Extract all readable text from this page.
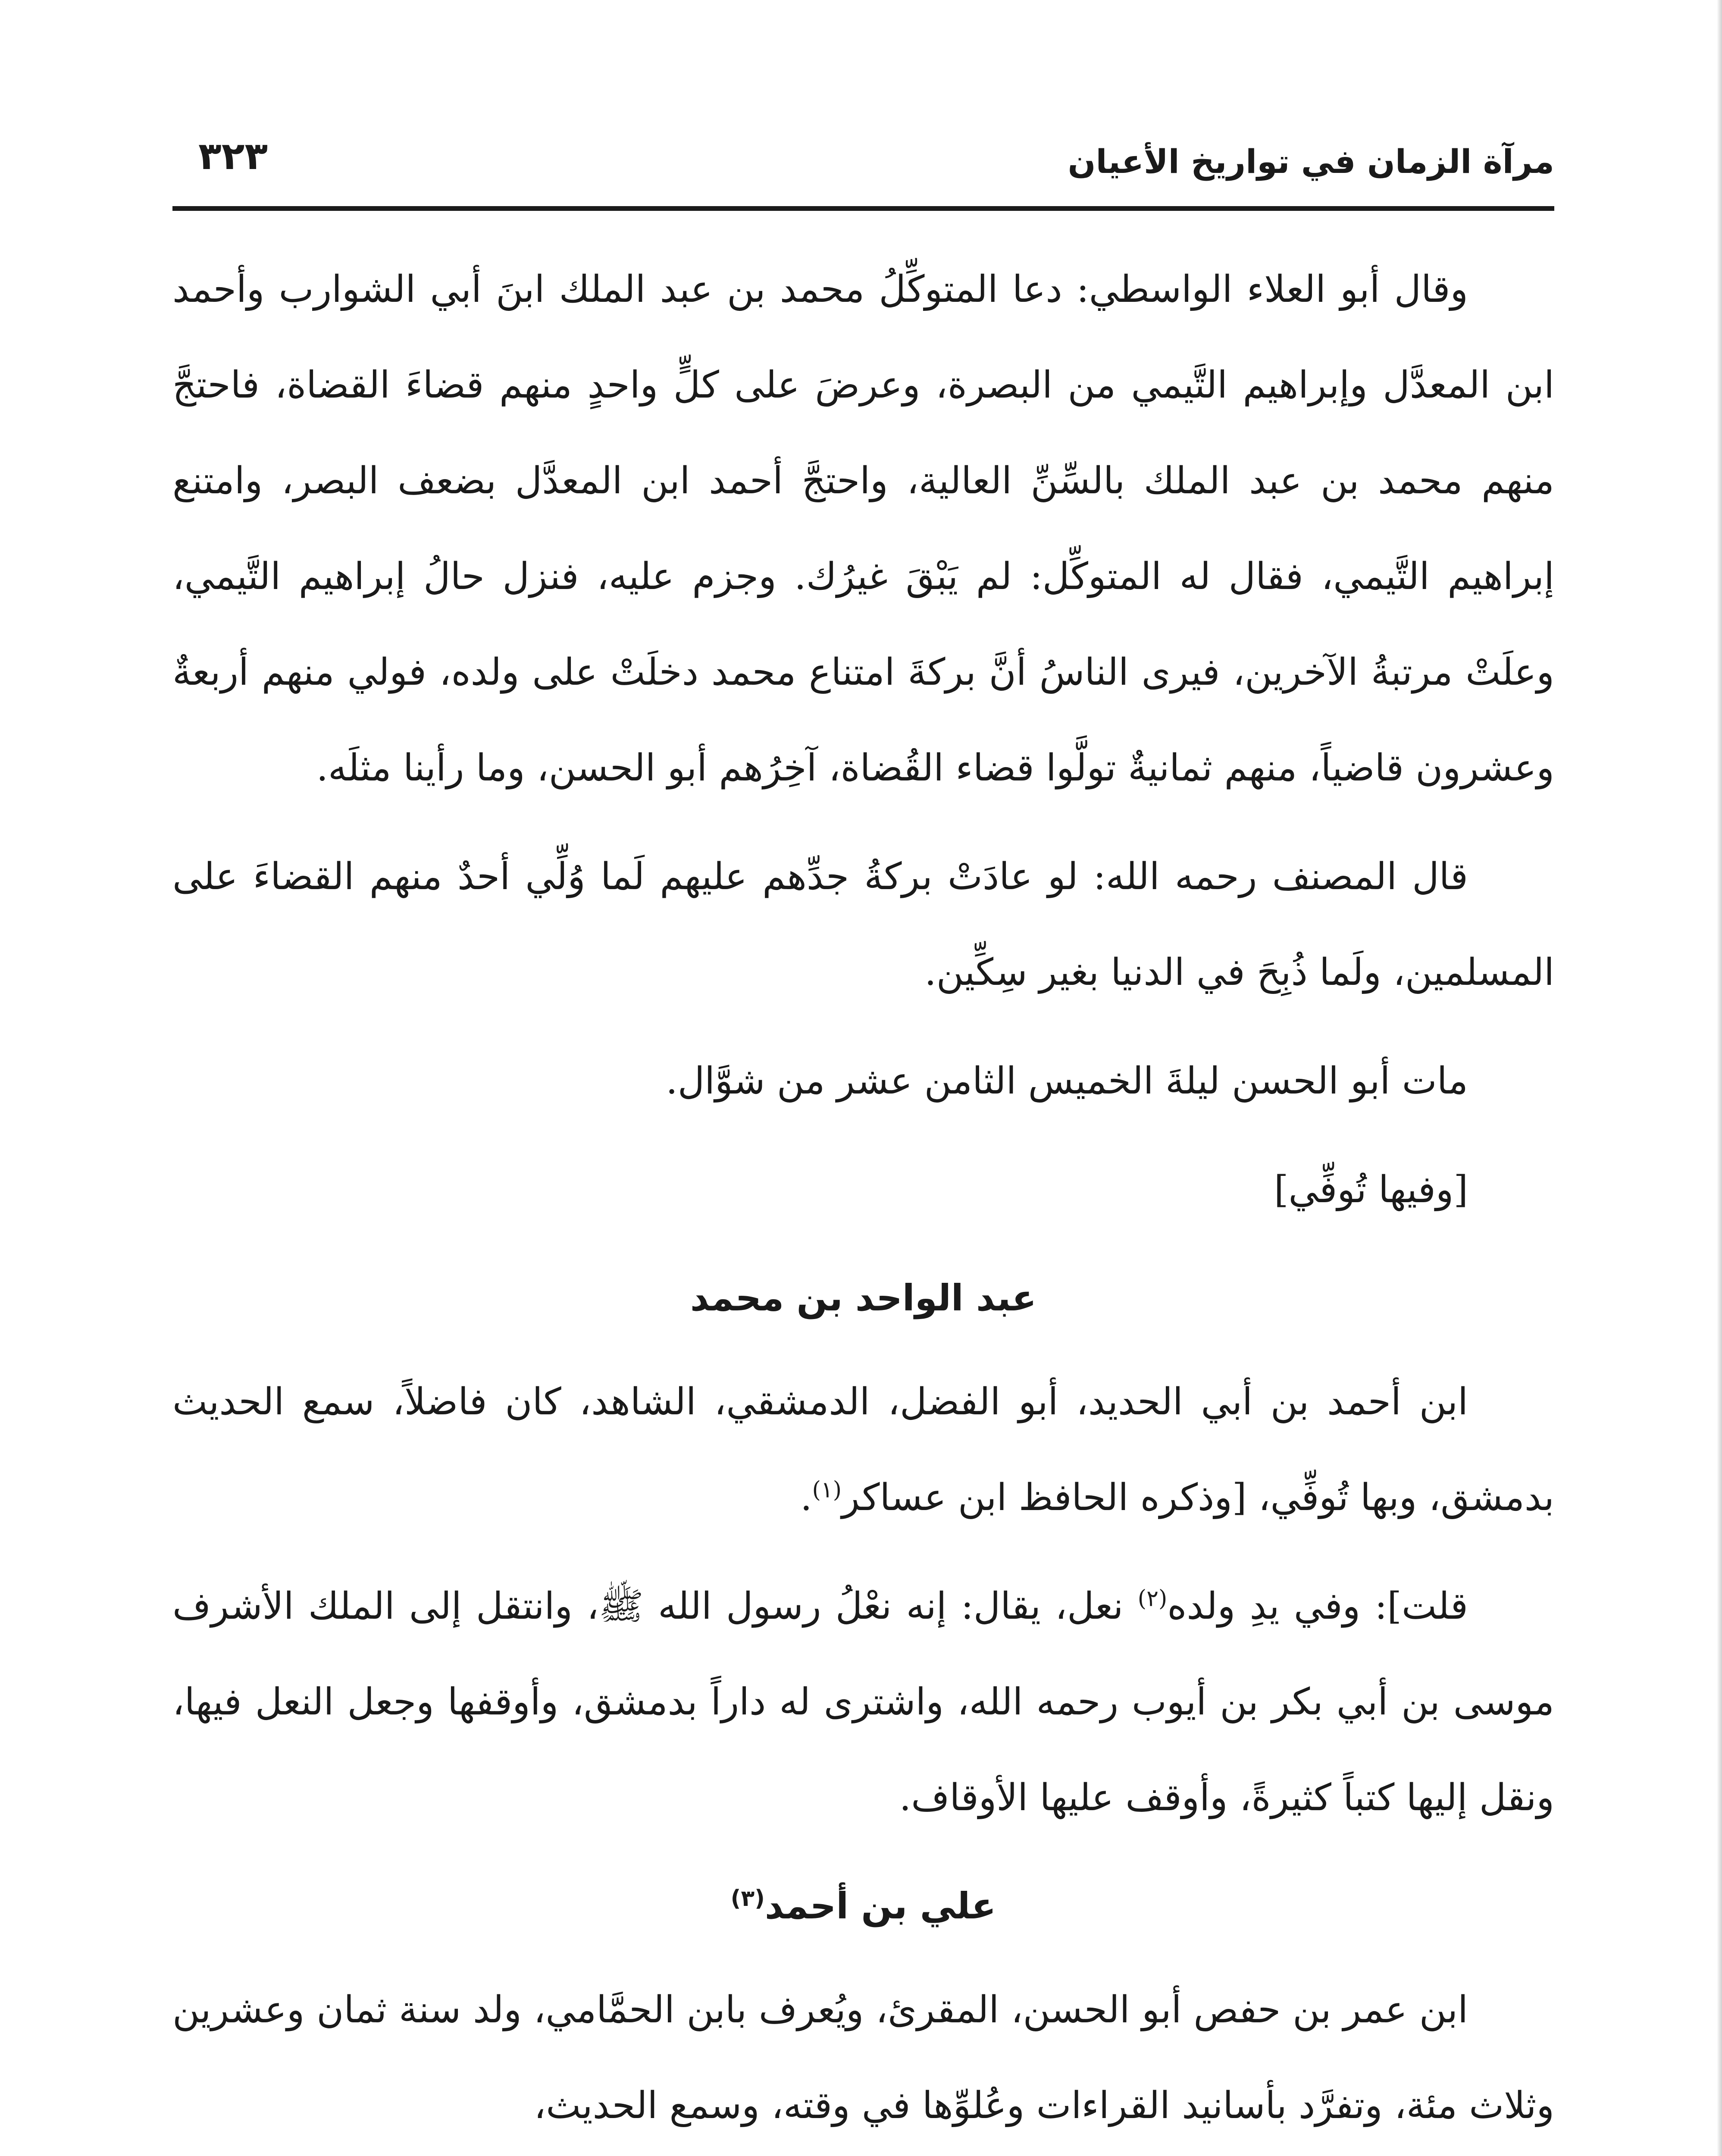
مرآة الزمان في تواريخ الأعيان
٣٢٣

وقال أبو العلاء الواسطي: دعا المتوكِّلُ محمد بن عبد الملك ابنَ أبي الشوارب وأحمد ابن المعدَّل وإبراهيم التَّيمي من البصرة، وعرضَ على كلٍّ واحدٍ منهم قضاءَ القضاة، فاحتجَّ منهم محمد بن عبد الملك بالسِّنِّ العالية، واحتجَّ أحمد ابن المعدَّل بضعف البصر، وامتنع إبراهيم التَّيمي، فقال له المتوكِّل: لم يَبْقَ غيرُك. وجزم عليه، فنزل حالُ إبراهيم التَّيمي، وعلَتْ مرتبةُ الآخرين، فيرى الناسُ أنَّ بركةَ امتناع محمد دخلَتْ على ولده، فولي منهم أربعةٌ وعشرون قاضياً، منهم ثمانيةٌ تولَّوا قضاء القُضاة، آخِرُهم أبو الحسن، وما رأينا مثلَه.

قال المصنف رحمه الله: لو عادَتْ بركةُ جدِّهم عليهم لَما وُلِّي أحدٌ منهم القضاءَ على المسلمين، ولَما ذُبِحَ في الدنيا بغير سِكِّين.

مات أبو الحسن ليلةَ الخميس الثامن عشر من شوَّال.

[وفيها تُوفِّي]

عبد الواحد بن محمد

ابن أحمد بن أبي الحديد، أبو الفضل، الدمشقي، الشاهد، كان فاضلاً، سمع الحديث بدمشق، وبها تُوفِّي، [وذكره الحافظ ابن عساكر$^{(١)}$.

قلت]: وفي يدِ ولده$^{(٢)}$ نعل، يقال: إنه نعْلُ رسول الله ﷺ، وانتقل إلى الملك الأشرف موسى بن أبي بكر بن أيوب رحمه الله، واشترى له داراً بدمشق، وأوقفها وجعل النعل فيها، ونقل إليها كتباً كثيرةً، وأوقف عليها الأوقاف.

علي بن أحمد$^{(٣)}$

ابن عمر بن حفص أبو الحسن، المقرئ، ويُعرف بابن الحمَّامي، ولد سنة ثمان وعشرين وثلاث مئة، وتفرَّد بأسانيد القراءات وعُلوِّها في وقته، وسمع الحديث،
